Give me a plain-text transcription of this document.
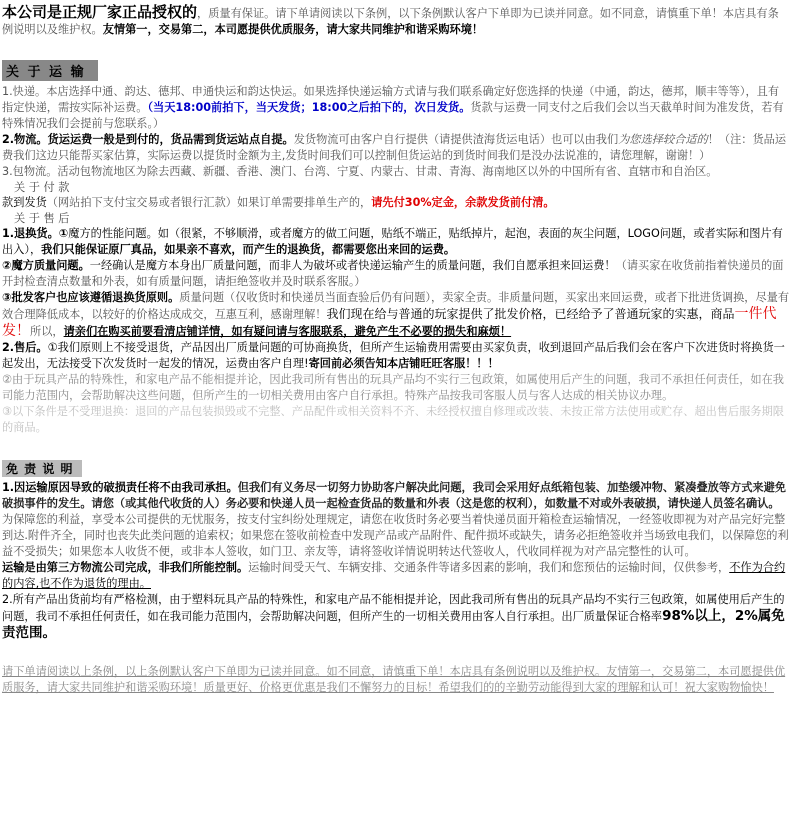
本公司是正规厂家正品授权的，质量有保证。请下单请阅读以下条例，以下条例默认客户下单即为已读并同意。如不同意，请慎重下单！本店具有条例说明以及维护权。友情第一，交易第二，本司愿提供优质服务，请大家共同维护和谐采购环境！

关 于 运 输

1.快递。本店选择中通、韵达、德邦、申通快运和韵达快运。如果选择快递运输方式请与我们联系确定好您选择的快递（中通，韵达，德邦，顺丰等等），且有指定快递，需按实际补运费。（当天18:00前拍下，当天发货；18:00之后拍下的，次日发货。货款与运费一同支付之后我们会以当天截单时间为准发货，若有特殊情况我们会提前与您联系。）

2.物流。货运运费一般是到付的，货品需到货运站点自提。发货物流可由客户自行提供（请提供渣海货运电话）也可以由我们为您选择较合适的！（注：货品运费我们这边只能帮买家估算，实际运费以提货时金额为主,发货时间我们可以控制但货运站的到货时间我们是没办法说准的，请您理解，谢谢！）

3.包物流。活动包物流地区为除去西藏、新疆、香港、澳门、台湾、宁夏、内蒙古、甘肃、青海、海南地区以外的中国所有省、直辖市和自治区。

关 于 付 款

款到发货（网站拍下支付宝交易或者银行汇款）如果订单需要排单生产的，请先付30%定金，余款发货前付清。

关 于 售 后

1.退换货。①魔方的性能问题。如（很紧，不够顺滑，或者魔方的做工问题，贴纸不端正，贴纸掉片，起泡，表面的灰尘问题，LOGO问题，或者实际和图片有出入），我们只能保证原厂真品，如果亲不喜欢，而产生的退换货，都需要您出来回的运费。

②魔方质量问题。一经确认是魔方本身出厂质量问题，而非人为破坏或者快递运输产生的质量问题，我们自愿承担来回运费！（请买家在收货前指着快递员的面开封检查清点数量和外表，如有质量问题，请拒绝签收并及时联系客服。）

③批发客户也应该遵循退换货原则。质量问题（仅收货时和快递员当面查验后仍有问题），卖家全责。非质量问题，买家出来回运费，或者下批进货调换，尽量有效合理降低成本，以较好的价格达成成交，互惠互利，感谢理解！我们现在给与普通的玩家提供了批发价格，已经给予了普通玩家的实惠，商品一件代发！所以，请亲们在购买前要看清店铺详情，如有疑问请与客服联系，避免产生不必要的损失和麻烦！

2.售后。①我们原则上不接受退货，产品因出厂质量问题的可协商换货，但所产生运输费用需要由买家负责，收到退回产品后我们会在客户下次进货时将换货一起发出，无法接受下次发货时一起发的情况，运费由客户自理!寄回前必须告知本店铺旺旺客服！！！

②由于玩具产品的特殊性，和家电产品不能相提并论，因此我司所有售出的玩具产品均不实行三包政策，如属使用后产生的问题，我司不承担任何责任，如在我司能力范围内，会帮助解决这些问题，但所产生的一切相关费用由客户自行承担。特殊产品按我司客服人员与客人达成的相关协议办理。

③以下条件是不受理退换：退回的产品包装损毁或不完整、产品配件或相关资料不齐、未经授权擅自修理或改装、未按正常方法使用或贮存、超出售后服务期限的商品。

免 责 说 明

1.因运输原因导致的破损责任将不由我司承担。但我们有义务尽一切努力协助客户解决此问题，我司会采用好点纸箱包装、加垫缓冲物、紧凑叠放等方式来避免破损事件的发生。请您（或其他代收货的人）务必要和快递人员一起检查货品的数量和外表（这是您的权利），如数量不对或外表破损，请快递人员签名确认。为保障您的利益，享受本公司提供的无忧服务，按支付宝纠纷处理规定，请您在收货时务必要当着快递员面开箱检查运输情况，一经签收即视为对产品完好完整到达.附件齐全，同时也丧失此类问题的追索权；如果您在签收前检查中发现产品或产品附件、配件损坏或缺失，请务必拒绝签收并当场致电我们，以保障您的利益不受损失；如果您本人收货不便，或非本人签收，如门卫、亲友等，请将签收详情说明转达代签收人，代收同样视为对产品完整性的认可。

运输是由第三方物流公司完成，非我们所能控制。运输时间受天气、车辆安排、交通条件等诸多因素的影响，我们和您预估的运输时间，仅供参考，不作为合约的内容,也不作为退货的理由。

2.所有产品出货前均有严格检测，由于塑料玩具产品的特殊性，和家电产品不能相提并论，因此我司所有售出的玩具产品均不实行三包政策，如属使用后产生的问题，我司不承担任何责任，如在我司能力范围内，会帮助解决问题，但所产生的一切相关费用由客人自行承担。出厂质量保证合格率98%以上，2%属免责范围。

请下单请阅读以上条例，以上条例默认客户下单即为已读并同意。如不同意，请慎重下单！本店具有条例说明以及维护权。友情第一，交易第二，本司愿提供优质服务，请大家共同维护和谐采购环境！质量更好、价格更优惠是我们不懈努力的目标！希望我们的的辛勤劳动能得到大家的理解和认可！祝大家购物愉快！
